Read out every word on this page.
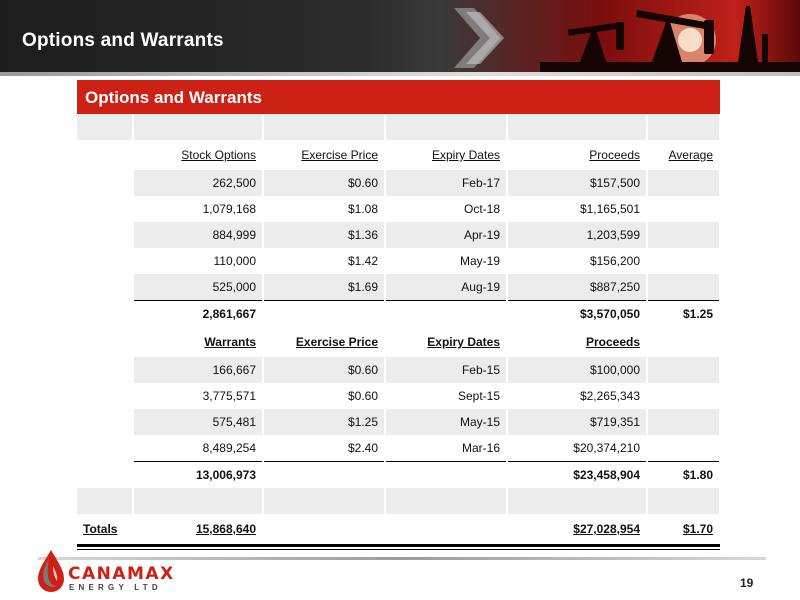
Options and Warrants
Options and Warrants

	Stock Options	Exercise Price	Expiry Dates	Proceeds	Average
	262,500	$0.60	Feb-17	$157,500	
	1,079,168	$1.08	Oct-18	$1,165,501	
	884,999	$1.36	Apr-19	1,203,599	
	110,000	$1.42	May-19	$156,200	
	525,000	$1.69	Aug-19	$887,250	
	2,861,667			$3,570,050	$1.25
	Warrants	Exercise Price	Expiry Dates	Proceeds	
	166,667	$0.60	Feb-15	$100,000	
	3,775,571	$0.60	Sept-15	$2,265,343	
	575,481	$1.25	May-15	$719,351	
	8,489,254	$2.40	Mar-16	$20,374,210	
	13,006,973			$23,458,904	$1.80

Totals	15,868,640			$27,028,954	$1.70
CANAMAX
ENERGY LTD	19
